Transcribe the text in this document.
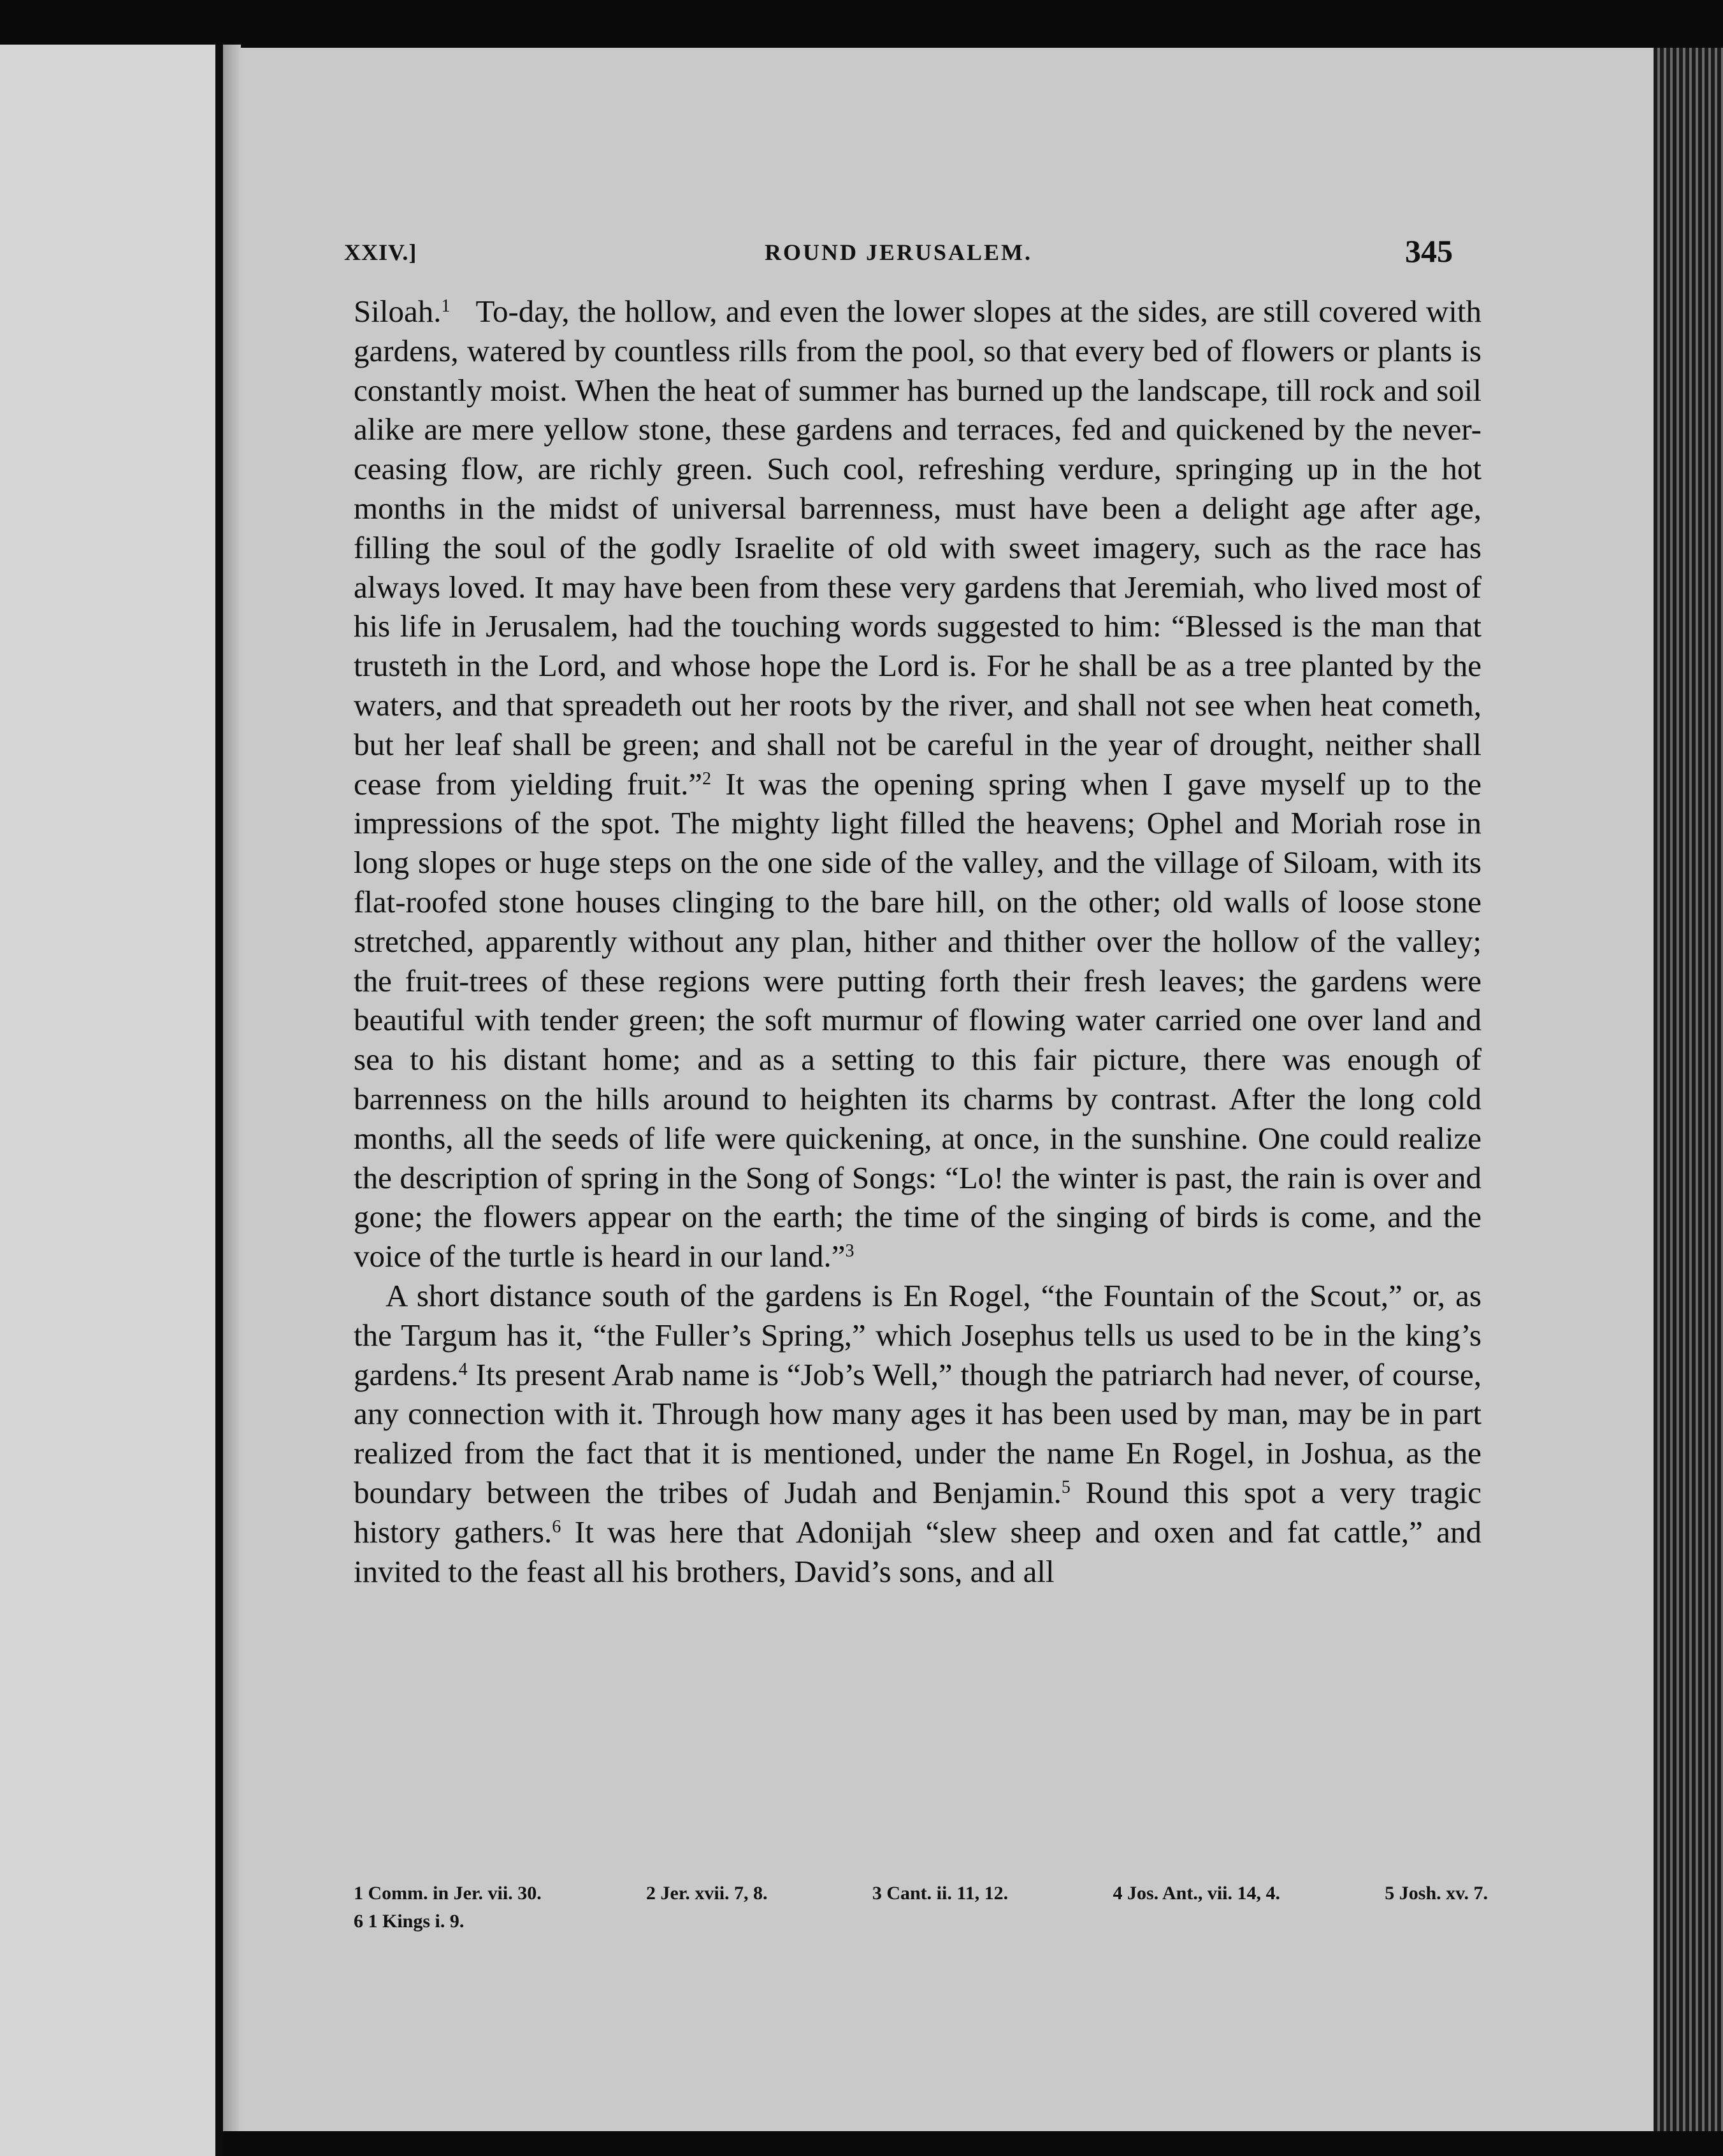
XXIV.]	ROUND JERUSALEM.	345

Siloah.$^1$ To-day, the hollow, and even the lower slopes at the sides, are still covered with gardens, watered by countless rills from the pool, so that every bed of flowers or plants is constantly moist. When the heat of summer has burned up the landscape, till rock and soil alike are mere yellow stone, these gardens and terraces, fed and quickened by the never-ceasing flow, are richly green. Such cool, refreshing verdure, springing up in the hot months in the midst of universal barrenness, must have been a delight age after age, filling the soul of the godly Israelite of old with sweet imagery, such as the race has always loved. It may have been from these very gardens that Jeremiah, who lived most of his life in Jerusalem, had the touching words suggested to him: “Blessed is the man that trusteth in the Lord, and whose hope the Lord is. For he shall be as a tree planted by the waters, and that spreadeth out her roots by the river, and shall not see when heat cometh, but her leaf shall be green; and shall not be careful in the year of drought, neither shall cease from yielding fruit.”$^2$ It was the opening spring when I gave myself up to the impressions of the spot. The mighty light filled the heavens; Ophel and Moriah rose in long slopes or huge steps on the one side of the valley, and the village of Siloam, with its flat-roofed stone houses clinging to the bare hill, on the other; old walls of loose stone stretched, apparently without any plan, hither and thither over the hollow of the valley; the fruit-trees of these regions were putting forth their fresh leaves; the gardens were beautiful with tender green; the soft murmur of flowing water carried one over land and sea to his distant home; and as a setting to this fair picture, there was enough of barrenness on the hills around to heighten its charms by contrast. After the long cold months, all the seeds of life were quickening, at once, in the sunshine. One could realize the description of spring in the Song of Songs: “Lo! the winter is past, the rain is over and gone; the flowers appear on the earth; the time of the singing of birds is come, and the voice of the turtle is heard in our land.”$^3$

A short distance south of the gardens is En Rogel, “the Fountain of the Scout,” or, as the Targum has it, “the Fuller’s Spring,” which Josephus tells us used to be in the king’s gardens.$^4$ Its present Arab name is “Job’s Well,” though the patriarch had never, of course, any connection with it. Through how many ages it has been used by man, may be in part realized from the fact that it is mentioned, under the name En Rogel, in Joshua, as the boundary between the tribes of Judah and Benjamin.$^5$ Round this spot a very tragic history gathers.$^6$ It was here that Adonijah “slew sheep and oxen and fat cattle,” and invited to the feast all his brothers, David’s sons, and all

1 Comm. in Jer. vii. 30.	2 Jer. xvii. 7, 8.	3 Cant. ii. 11, 12.	4 Jos. Ant., vii. 14, 4.	5 Josh. xv. 7.
6 1 Kings i. 9.
